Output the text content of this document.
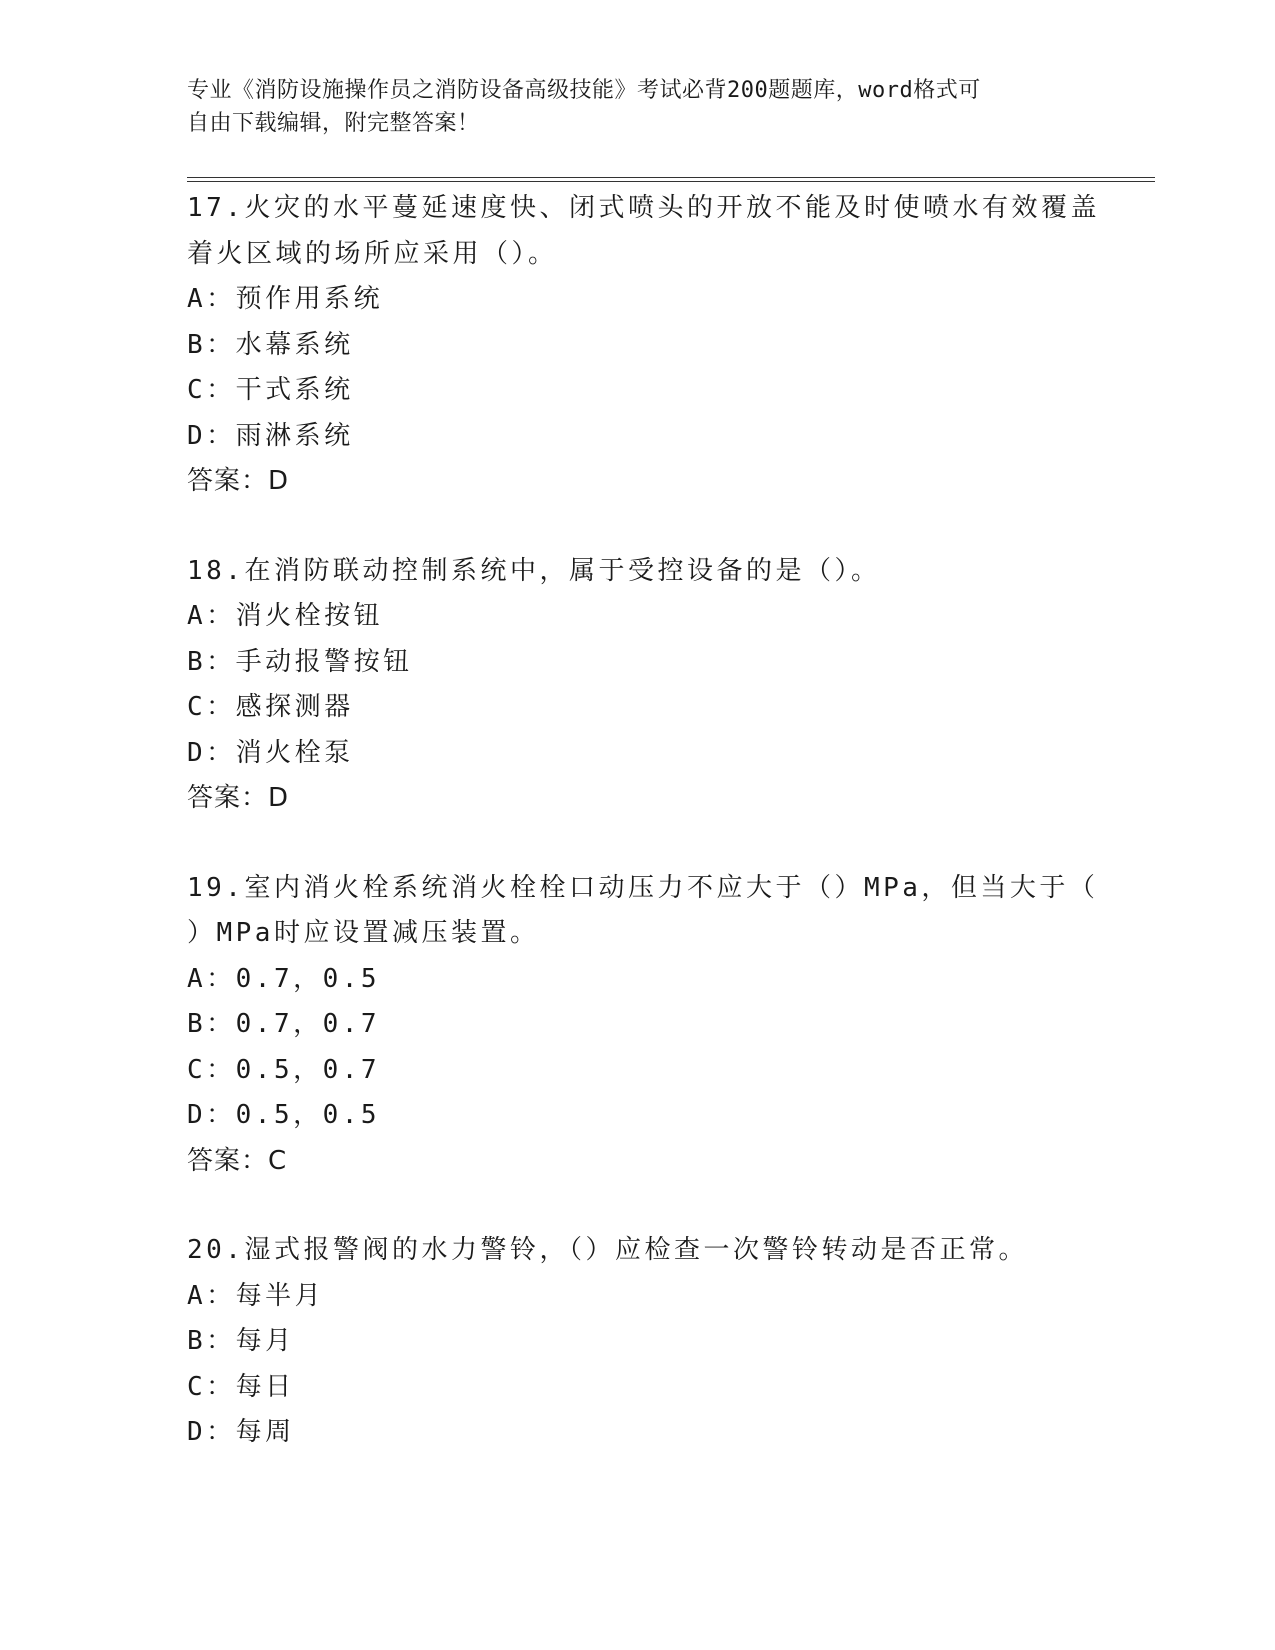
专业《消防设施操作员之消防设备高级技能》考试必背200题题库，word格式可
自由下载编辑，附完整答案！
17.火灾的水平蔓延速度快、闭式喷头的开放不能及时使喷水有效覆盖
着火区域的场所应采用（）。
A：预作用系统
B：水幕系统
C：干式系统
D：雨淋系统
答案：D
18.在消防联动控制系统中，属于受控设备的是（）。
A：消火栓按钮
B：手动报警按钮
C：感探测器
D：消火栓泵
答案：D
19.室内消火栓系统消火栓栓口动压力不应大于（）MPa，但当大于（
）MPa时应设置减压装置。
A：0.7，0.5
B：0.7，0.7
C：0.5，0.7
D：0.5，0.5
答案：C
20.湿式报警阀的水力警铃，（）应检查一次警铃转动是否正常。
A：每半月
B：每月
C：每日
D：每周
